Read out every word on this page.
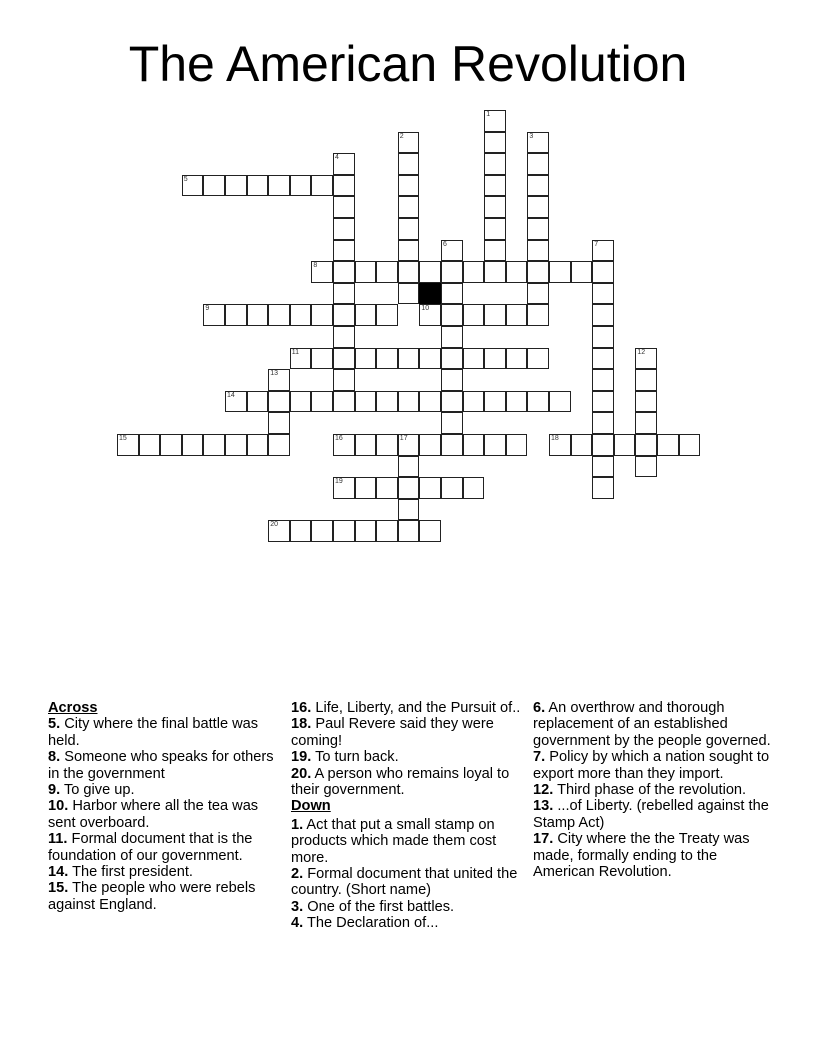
The American Revolution
1
2	3
4
5
6	7
8
9	10
11	12
13
14
15	16	17	18
19
20
Across
5. City where the final battle was held.
8. Someone who speaks for others in the government
9. To give up.
10. Harbor where all the tea was sent overboard.
11. Formal document that is the foundation of our government.
14. The first president.
15. The people who were rebels against England.
16. Life, Liberty, and the Pursuit of..
18. Paul Revere said they were coming!
19. To turn back.
20. A person who remains loyal to their government.
Down
1. Act that put a small stamp on products which made them cost more.
2. Formal document that united the country. (Short name)
3. One of the first battles.
4. The Declaration of...
6. An overthrow and thorough replacement of an established government by the people governed.
7. Policy by which a nation sought to export more than they import.
12. Third phase of the revolution.
13. ...of Liberty. (rebelled against the Stamp Act)
17. City where the the Treaty was made, formally ending to the American Revolution.
